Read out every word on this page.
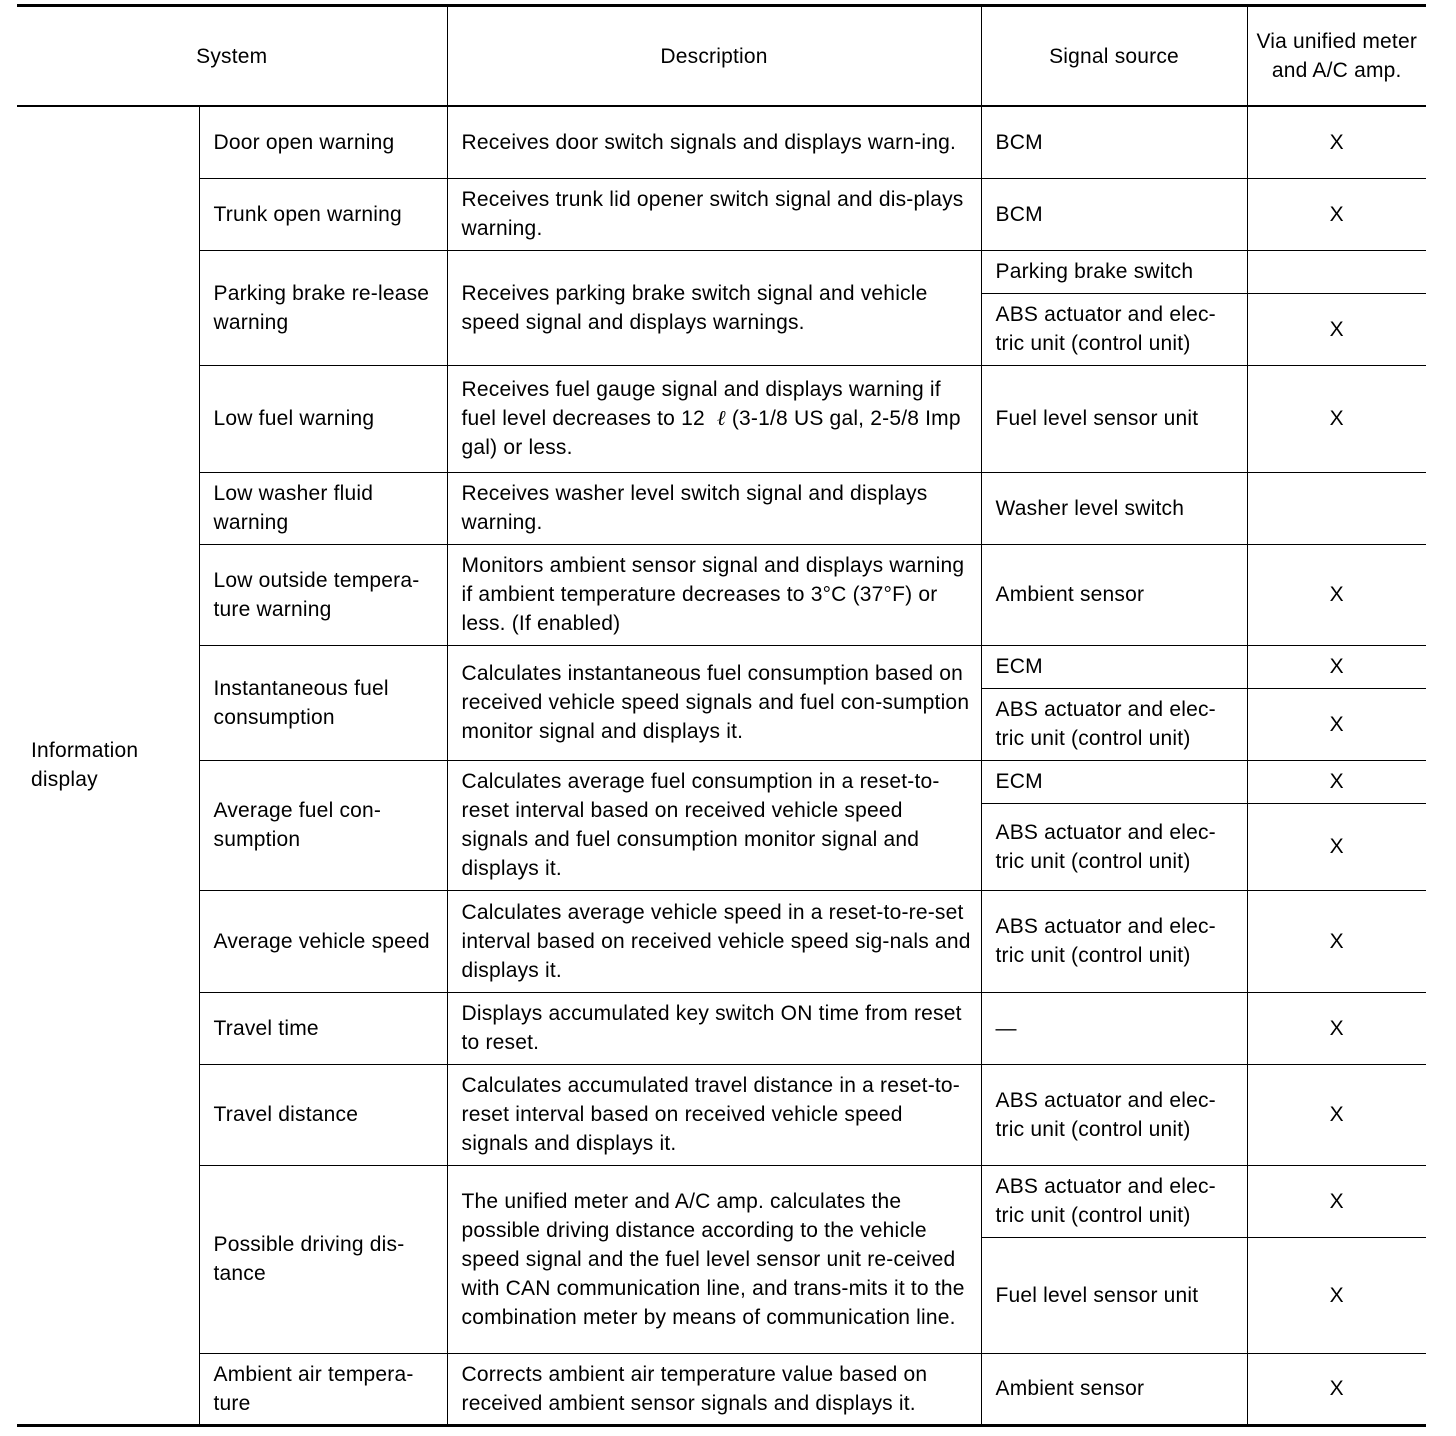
System		Description	Signal source	Via unified meter and A/C amp.
Information display	Door open warning	Receives door switch signals and displays warn-ing.	BCM	X
	Trunk open warning	Receives trunk lid opener switch signal and dis-plays warning.	BCM	X
	Parking brake re-lease warning	Receives parking brake switch signal and vehicle speed signal and displays warnings.	Parking brake switch	
			ABS actuator and elec-tric unit (control unit)	X
	Low fuel warning	Receives fuel gauge signal and displays warning if fuel level decreases to 12 ℓ (3-1/8 US gal, 2-5/8 Imp gal) or less.	Fuel level sensor unit	X
	Low washer fluid warning	Receives washer level switch signal and displays warning.	Washer level switch	
	Low outside tempera-ture warning	Monitors ambient sensor signal and displays warning if ambient temperature decreases to 3°C (37°F) or less. (If enabled)	Ambient sensor	X
	Instantaneous fuel consumption	Calculates instantaneous fuel consumption based on received vehicle speed signals and fuel con-sumption monitor signal and displays it.	ECM	X
			ABS actuator and elec-tric unit (control unit)	X
	Average fuel con-sumption	Calculates average fuel consumption in a reset-to-reset interval based on received vehicle speed signals and fuel consumption monitor signal and displays it.	ECM	X
			ABS actuator and elec-tric unit (control unit)	X
	Average vehicle speed	Calculates average vehicle speed in a reset-to-re-set interval based on received vehicle speed sig-nals and displays it.	ABS actuator and elec-tric unit (control unit)	X
	Travel time	Displays accumulated key switch ON time from reset to reset.	—	X
	Travel distance	Calculates accumulated travel distance in a reset-to-reset interval based on received vehicle speed signals and displays it.	ABS actuator and elec-tric unit (control unit)	X
	Possible driving dis-tance	The unified meter and A/C amp. calculates the possible driving distance according to the vehicle speed signal and the fuel level sensor unit re-ceived with CAN communication line, and trans-mits it to the combination meter by means of communication line.	ABS actuator and elec-tric unit (control unit)	X
			Fuel level sensor unit	X
	Ambient air tempera-ture	Corrects ambient air temperature value based on received ambient sensor signals and displays it.	Ambient sensor	X
